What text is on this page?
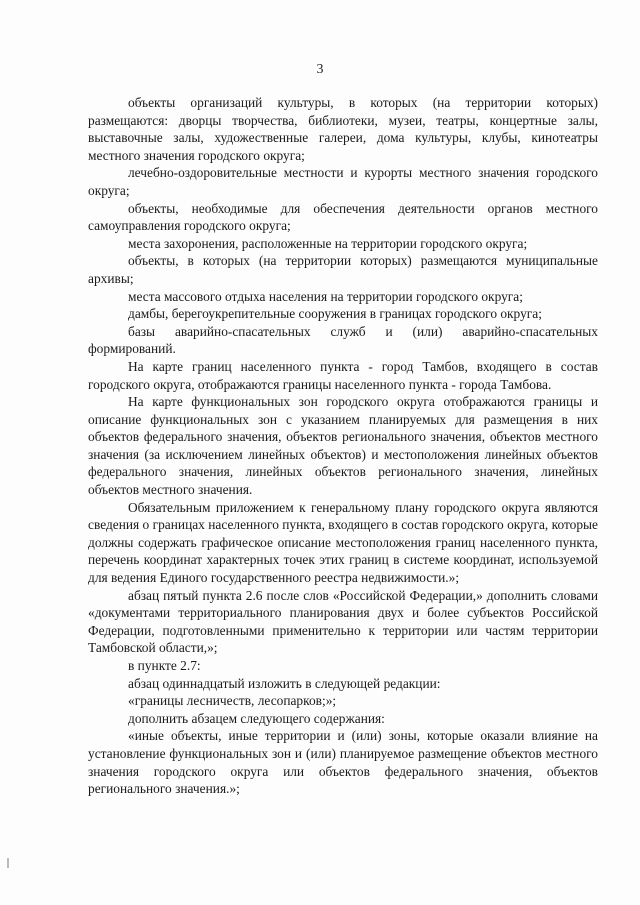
3

объекты организаций культуры, в которых (на территории которых) размещаются: дворцы творчества, библиотеки, музеи, театры, концертные залы, выставочные залы, художественные галереи, дома культуры, клубы, кинотеатры местного значения городского округа;

лечебно-оздоровительные местности и курорты местного значения городского округа;

объекты, необходимые для обеспечения деятельности органов местного самоуправления городского округа;

места захоронения, расположенные на территории городского округа;

объекты, в которых (на территории которых) размещаются муниципальные архивы;

места массового отдыха населения на территории городского округа;

дамбы, берегоукрепительные сооружения в границах городского округа;

базы аварийно-спасательных служб и (или) аварийно-спасательных формирований.

На карте границ населенного пункта - город Тамбов, входящего в состав городского округа, отображаются границы населенного пункта - города Тамбова.

На карте функциональных зон городского округа отображаются границы и описание функциональных зон с указанием планируемых для размещения в них объектов федерального значения, объектов регионального значения, объектов местного значения (за исключением линейных объектов) и местоположения линейных объектов федерального значения, линейных объектов регионального значения, линейных объектов местного значения.

Обязательным приложением к генеральному плану городского округа являются сведения о границах населенного пункта, входящего в состав городского округа, которые должны содержать графическое описание местоположения границ населенного пункта, перечень координат характерных точек этих границ в системе координат, используемой для ведения Единого государственного реестра недвижимости.»;

абзац пятый пункта 2.6 после слов «Российской Федерации,» дополнить словами «документами территориального планирования двух и более субъектов Российской Федерации, подготовленными применительно к территории или частям территории Тамбовской области,»;

в пункте 2.7:

абзац одиннадцатый изложить в следующей редакции:

«границы лесничеств, лесопарков;»;

дополнить абзацем следующего содержания:

«иные объекты, иные территории и (или) зоны, которые оказали влияние на установление функциональных зон и (или) планируемое размещение объектов местного значения городского округа или объектов федерального значения, объектов регионального значения.»;
